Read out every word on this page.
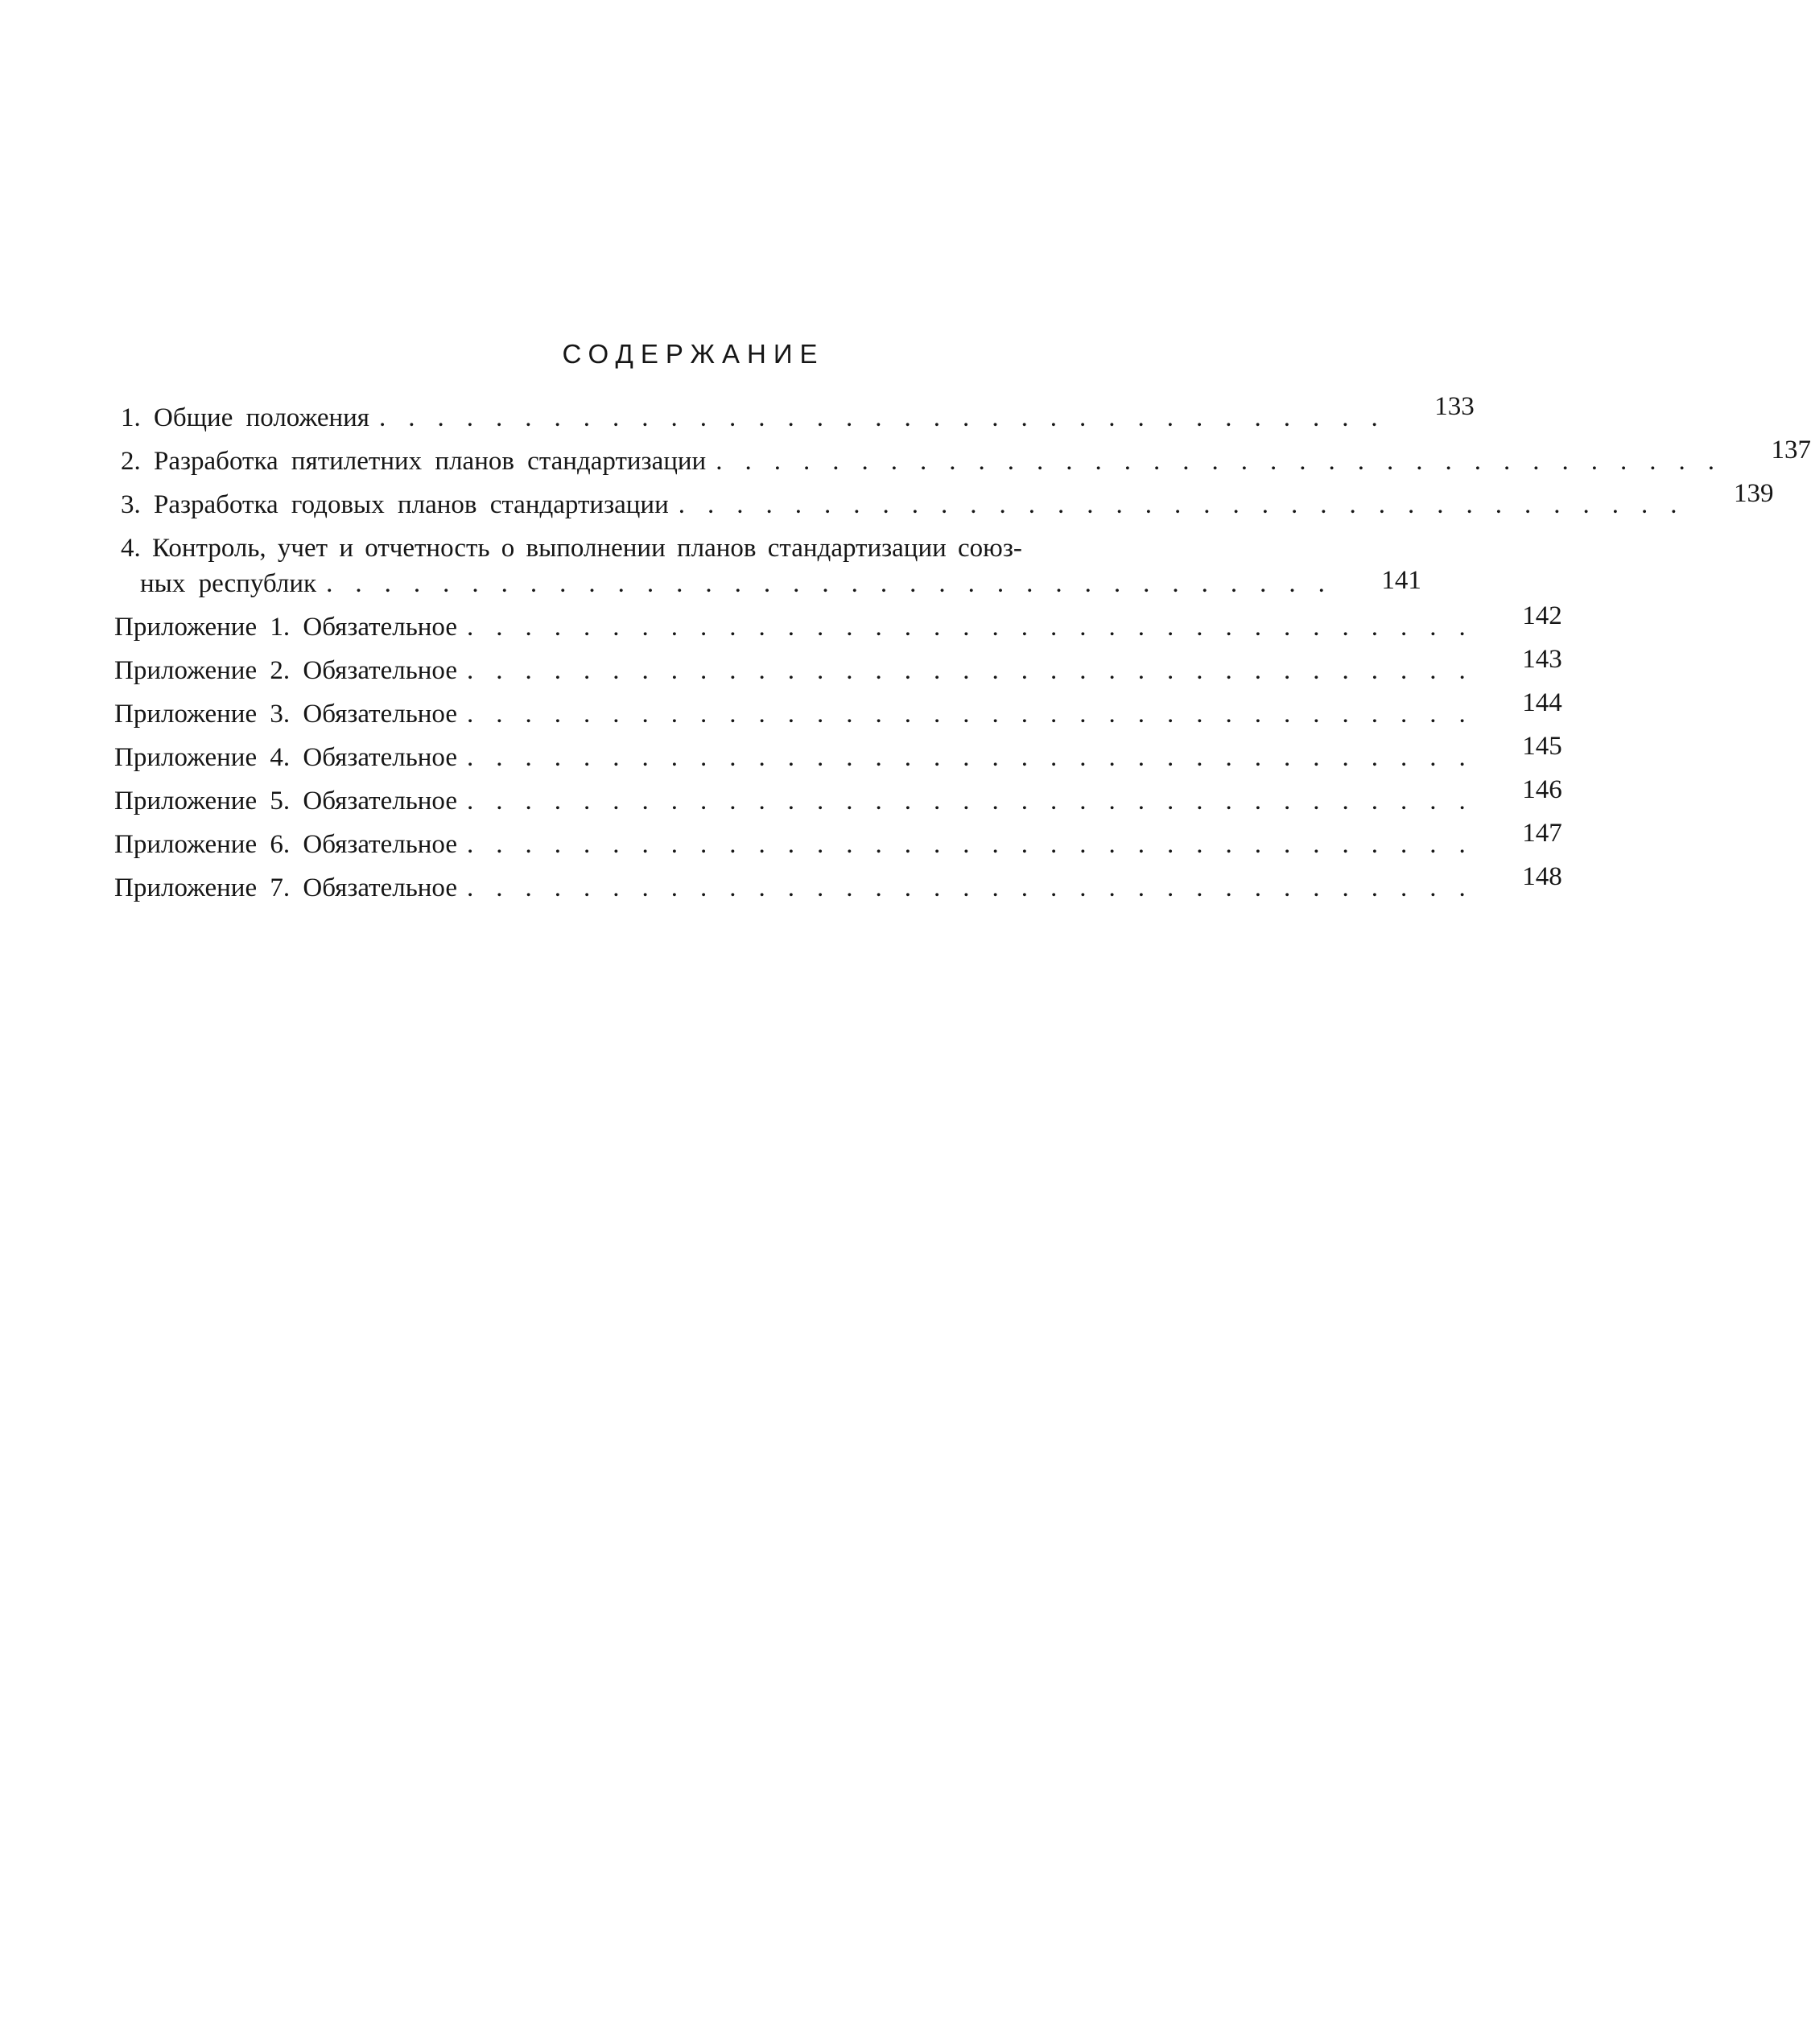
СОДЕРЖАНИЕ
1. Общие положения ...................................	133
2. Разработка пятилетних планов стандартизации ...................................	137
3. Разработка годовых планов стандартизации ...................................	139
4. Контроль, учет и отчетность о выполнении планов стандартизации союз-
ных республик ...................................	141
Приложение 1. Обязательное ...................................	142
Приложение 2. Обязательное ...................................	143
Приложение 3. Обязательное ...................................	144
Приложение 4. Обязательное ...................................	145
Приложение 5. Обязательное ...................................	146
Приложение 6. Обязательное ...................................	147
Приложение 7. Обязательное ...................................	148
